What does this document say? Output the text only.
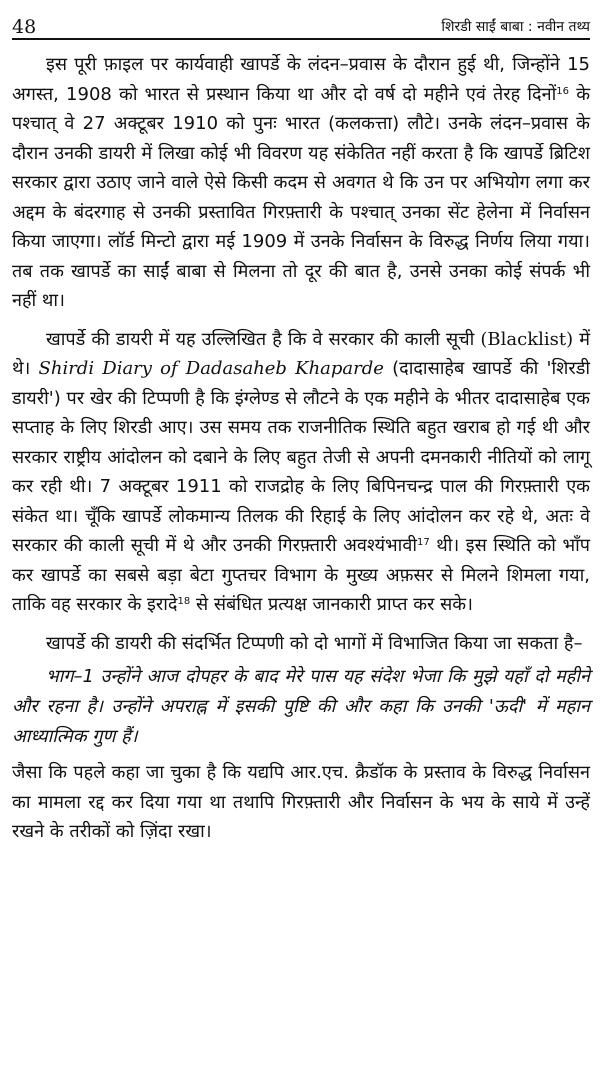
48	शिरडी साईं बाबा : नवीन तथ्य

इस पूरी फ़ाइल पर कार्यवाही खापर्डे के लंदन–प्रवास के दौरान हुई थी, जिन्होंने 15 अगस्त, 1908 को भारत से प्रस्थान किया था और दो वर्ष दो महीने एवं तेरह दिनों$^{16}$ के पश्चात् वे 27 अक्टूबर 1910 को पुनः भारत (कलकत्ता) लौटे। उनके लंदन–प्रवास के दौरान उनकी डायरी में लिखा कोई भी विवरण यह संकेतित नहीं करता है कि खापर्डे ब्रिटिश सरकार द्वारा उठाए जाने वाले ऐसे किसी कदम से अवगत थे कि उन पर अभियोग लगा कर अद्दम के बंदरगाह से उनकी प्रस्तावित गिरफ़्तारी के पश्चात् उनका सेंट हेलेना में निर्वासन किया जाएगा। लॉर्ड मिन्टो द्वारा मई 1909 में उनके निर्वासन के विरुद्ध निर्णय लिया गया। तब तक खापर्डे का साईं बाबा से मिलना तो दूर की बात है, उनसे उनका कोई संपर्क भी नहीं था।

खापर्डे की डायरी में यह उल्लिखित है कि वे सरकार की काली सूची (Blacklist) में थे। Shirdi Diary of Dadasaheb Khaparde (दादासाहेब खापर्डे की 'शिरडी डायरी') पर खेर की टिप्पणी है कि इंग्लेण्ड से लौटने के एक महीने के भीतर दादासाहेब एक सप्ताह के लिए शिरडी आए। उस समय तक राजनीतिक स्थिति बहुत खराब हो गई थी और सरकार राष्ट्रीय आंदोलन को दबाने के लिए बहुत तेजी से अपनी दमनकारी नीतियों को लागू कर रही थी। 7 अक्टूबर 1911 को राजद्रोह के लिए बिपिनचन्द्र पाल की गिरफ़्तारी एक संकेत था। चूँकि खापर्डे लोकमान्य तिलक की रिहाई के लिए आंदोलन कर रहे थे, अतः वे सरकार की काली सूची में थे और उनकी गिरफ़्तारी अवश्यंभावी$^{17}$ थी। इस स्थिति को भाँप कर खापर्डे का सबसे बड़ा बेटा गुप्तचर विभाग के मुख्य अफ़सर से मिलने शिमला गया, ताकि वह सरकार के इरादे$^{18}$ से संबंधित प्रत्यक्ष जानकारी प्राप्त कर सके।

खापर्डे की डायरी की संदर्भित टिप्पणी को दो भागों में विभाजित किया जा सकता है–

भाग–1 उन्होंने आज दोपहर के बाद मेरे पास यह संदेश भेजा कि मुझे यहाँ दो महीने और रहना है। उन्होंने अपराह्न में इसकी पुष्टि की और कहा कि उनकी 'ऊदी' में महान आध्यात्मिक गुण हैं।

जैसा कि पहले कहा जा चुका है कि यद्यपि आर.एच. क्रैडॉक के प्रस्ताव के विरुद्ध निर्वासन का मामला रद्द कर दिया गया था तथापि गिरफ़्तारी और निर्वासन के भय के साये में उन्हें रखने के तरीकों को ज़िंदा रखा।
